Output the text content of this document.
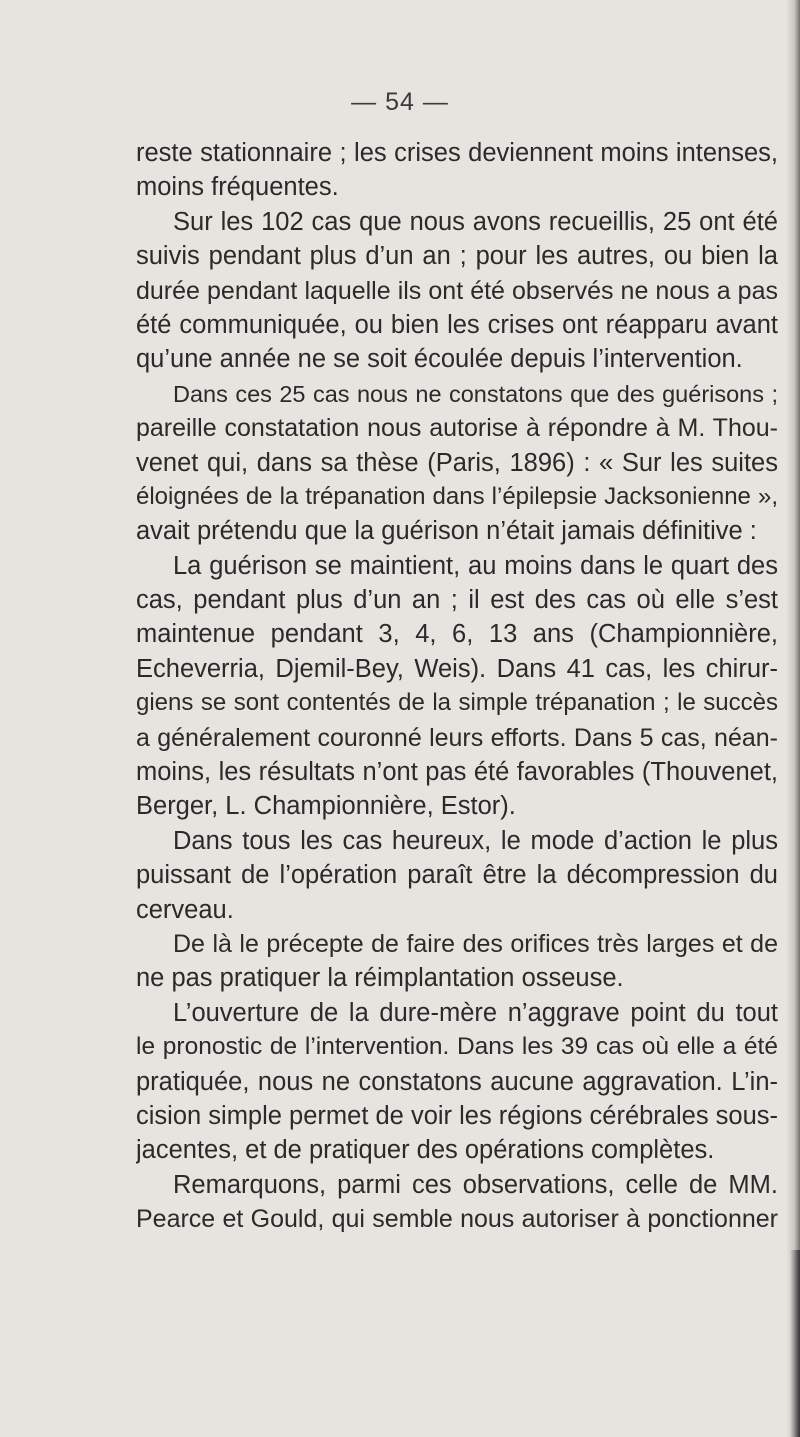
— 54 —
reste stationnaire ; les crises deviennent moins intenses,
moins fréquentes.
Sur les 102 cas que nous avons recueillis, 25 ont été
suivis pendant plus d’un an ; pour les autres, ou bien la
durée pendant laquelle ils ont été observés ne nous a pas
été communiquée, ou bien les crises ont réapparu avant
qu’une année ne se soit écoulée depuis l’intervention.
Dans ces 25 cas nous ne constatons que des guérisons ;
pareille constatation nous autorise à répondre à M. Thou-
venet qui, dans sa thèse (Paris, 1896) : « Sur les suites
éloignées de la trépanation dans l’épilepsie Jacksonienne »,
avait prétendu que la guérison n’était jamais définitive :
La guérison se maintient, au moins dans le quart des
cas, pendant plus d’un an ; il est des cas où elle s’est
maintenue pendant 3, 4, 6, 13 ans (Championnière,
Echeverria, Djemil-Bey, Weis). Dans 41 cas, les chirur-
giens se sont contentés de la simple trépanation ; le succès
a généralement couronné leurs efforts. Dans 5 cas, néan-
moins, les résultats n’ont pas été favorables (Thouvenet,
Berger, L. Championnière, Estor).
Dans tous les cas heureux, le mode d’action le plus
puissant de l’opération paraît être la décompression du
cerveau.
De là le précepte de faire des orifices très larges et de
ne pas pratiquer la réimplantation osseuse.
L’ouverture de la dure-mère n’aggrave point du tout
le pronostic de l’intervention. Dans les 39 cas où elle a été
pratiquée, nous ne constatons aucune aggravation. L’in-
cision simple permet de voir les régions cérébrales sous-
jacentes, et de pratiquer des opérations complètes.
Remarquons, parmi ces observations, celle de MM.
Pearce et Gould, qui semble nous autoriser à ponctionner
